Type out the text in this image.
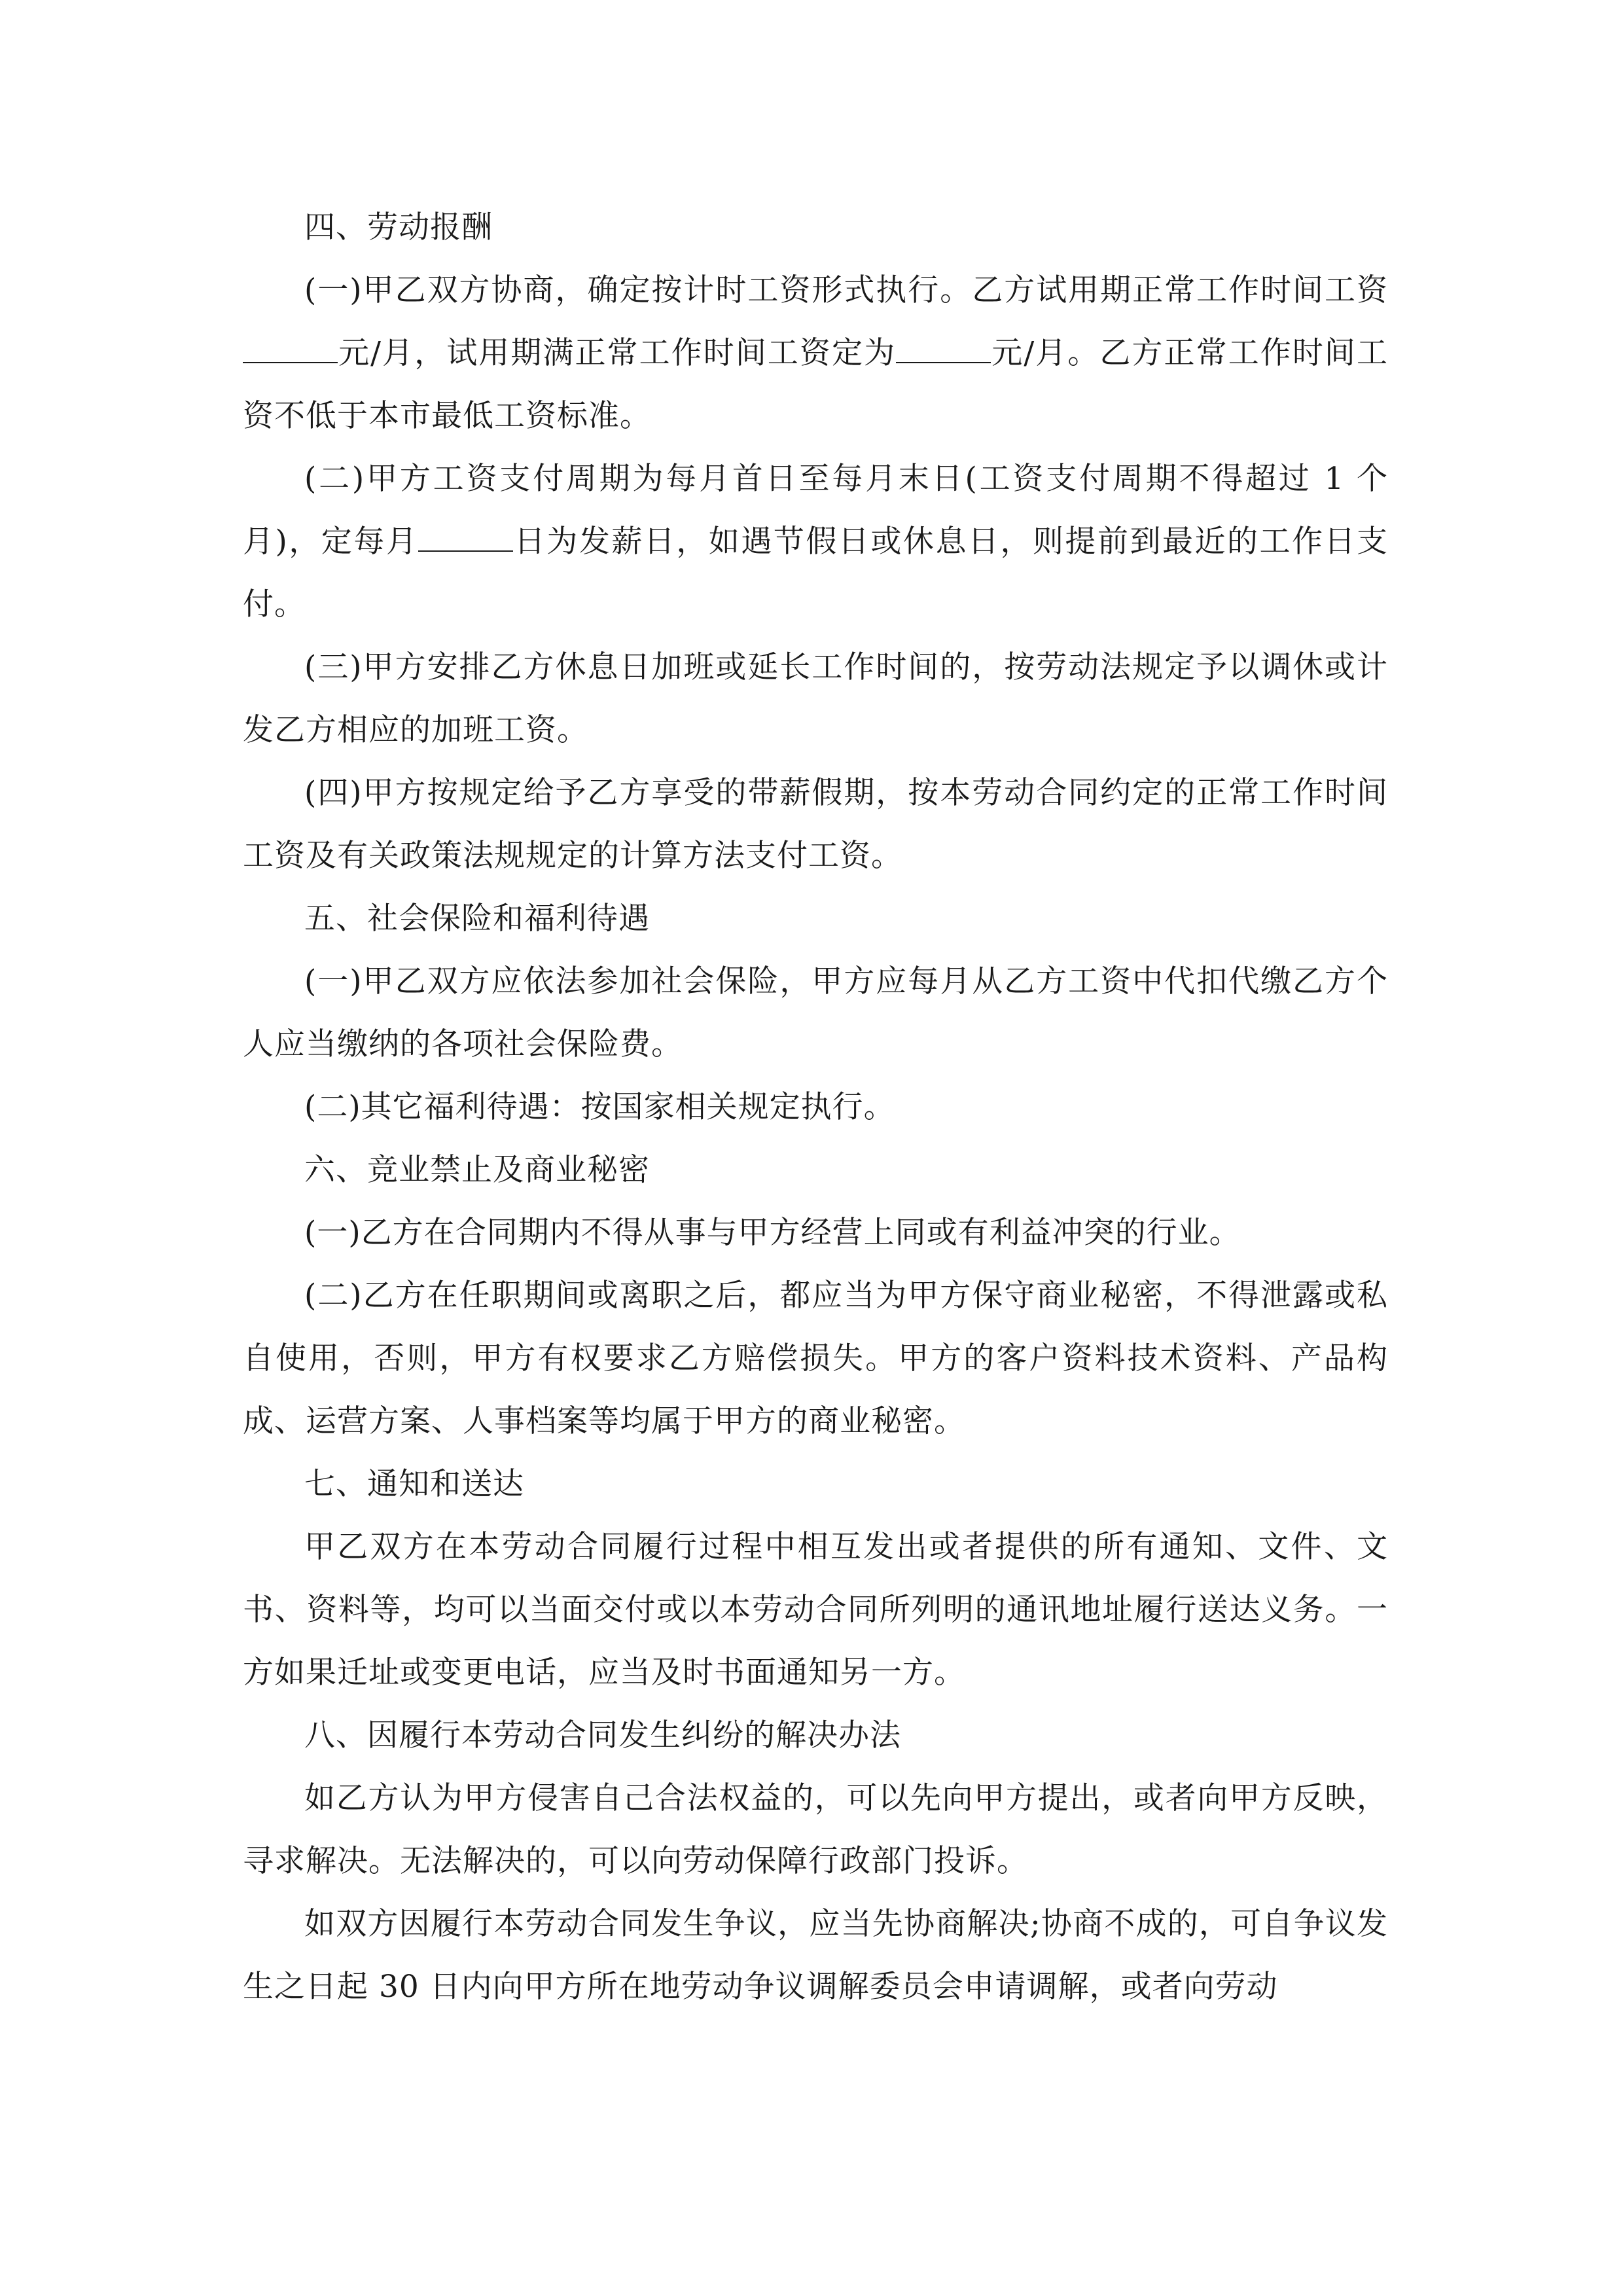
四、劳动报酬

(一)甲乙双方协商，确定按计时工资形式执行。乙方试用期正常工作时间工资元/月，试用期满正常工作时间工资定为	元/月。乙方正常工作时间工资不低于本市最低工资标准。

(二)甲方工资支付周期为每月首日至每月末日(工资支付周期不得超过 1 个月)，定每月	日为发薪日，如遇节假日或休息日，则提前到最近的工作日支付。

(三)甲方安排乙方休息日加班或延长工作时间的，按劳动法规定予以调休或计发乙方相应的加班工资。

(四)甲方按规定给予乙方享受的带薪假期，按本劳动合同约定的正常工作时间工资及有关政策法规规定的计算方法支付工资。

五、社会保险和福利待遇

(一)甲乙双方应依法参加社会保险，甲方应每月从乙方工资中代扣代缴乙方个人应当缴纳的各项社会保险费。

(二)其它福利待遇：按国家相关规定执行。

六、竞业禁止及商业秘密

(一)乙方在合同期内不得从事与甲方经营上同或有利益冲突的行业。

(二)乙方在任职期间或离职之后，都应当为甲方保守商业秘密，不得泄露或私自使用，否则，甲方有权要求乙方赔偿损失。甲方的客户资料技术资料、产品构成、运营方案、人事档案等均属于甲方的商业秘密。

七、通知和送达

甲乙双方在本劳动合同履行过程中相互发出或者提供的所有通知、文件、文书、资料等，均可以当面交付或以本劳动合同所列明的通讯地址履行送达义务。一方如果迁址或变更电话，应当及时书面通知另一方。

八、因履行本劳动合同发生纠纷的解决办法

如乙方认为甲方侵害自己合法权益的，可以先向甲方提出，或者向甲方反映，寻求解决。无法解决的，可以向劳动保障行政部门投诉。

如双方因履行本劳动合同发生争议，应当先协商解决;协商不成的，可自争议发生之日起 30 日内向甲方所在地劳动争议调解委员会申请调解，或者向劳动
